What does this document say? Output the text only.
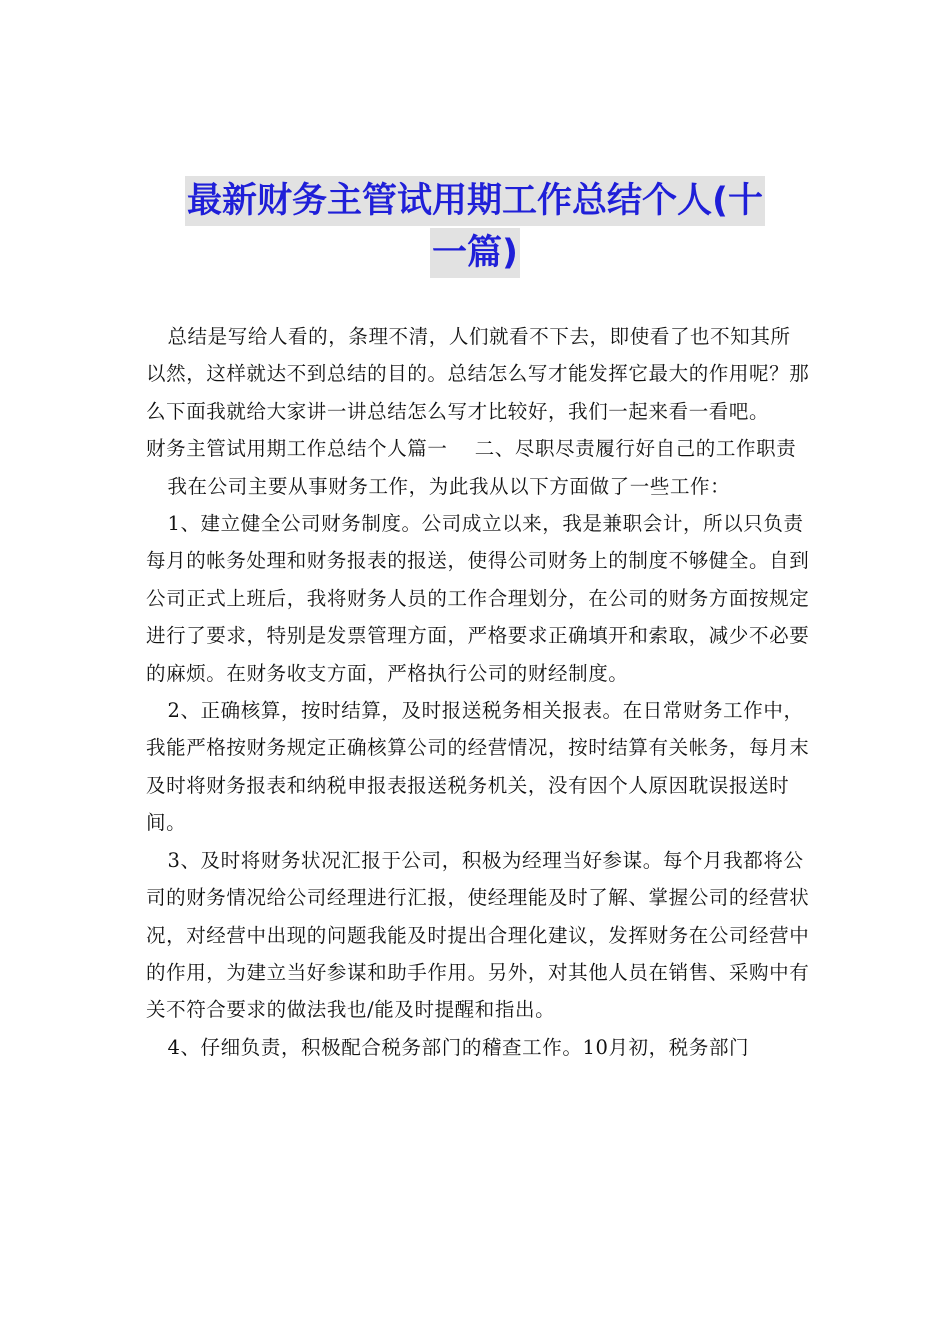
最新财务主管试用期工作总结个人(十
一篇)

总结是写给人看的，条理不清，人们就看不下去，即使看了也不知其所以然，这样就达不到总结的目的。总结怎么写才能发挥它最大的作用呢？那么下面我就给大家讲一讲总结怎么写才比较好，我们一起来看一看吧。

财务主管试用期工作总结个人篇一    二、尽职尽责履行好自己的工作职责

我在公司主要从事财务工作，为此我从以下方面做了一些工作：

1、建立健全公司财务制度。公司成立以来，我是兼职会计，所以只负责每月的帐务处理和财务报表的报送，使得公司财务上的制度不够健全。自到公司正式上班后，我将财务人员的工作合理划分，在公司的财务方面按规定进行了要求，特别是发票管理方面，严格要求正确填开和索取，减少不必要的麻烦。在财务收支方面，严格执行公司的财经制度。

2、正确核算，按时结算，及时报送税务相关报表。在日常财务工作中，我能严格按财务规定正确核算公司的经营情况，按时结算有关帐务，每月末及时将财务报表和纳税申报表报送税务机关，没有因个人原因耽误报送时间。

3、及时将财务状况汇报于公司，积极为经理当好参谋。每个月我都将公司的财务情况给公司经理进行汇报，使经理能及时了解、掌握公司的经营状况，对经营中出现的问题我能及时提出合理化建议，发挥财务在公司经营中的作用，为建立当好参谋和助手作用。另外，对其他人员在销售、采购中有关不符合要求的做法我也/能及时提醒和指出。

4、仔细负责，积极配合税务部门的稽查工作。10月初，税务部门
